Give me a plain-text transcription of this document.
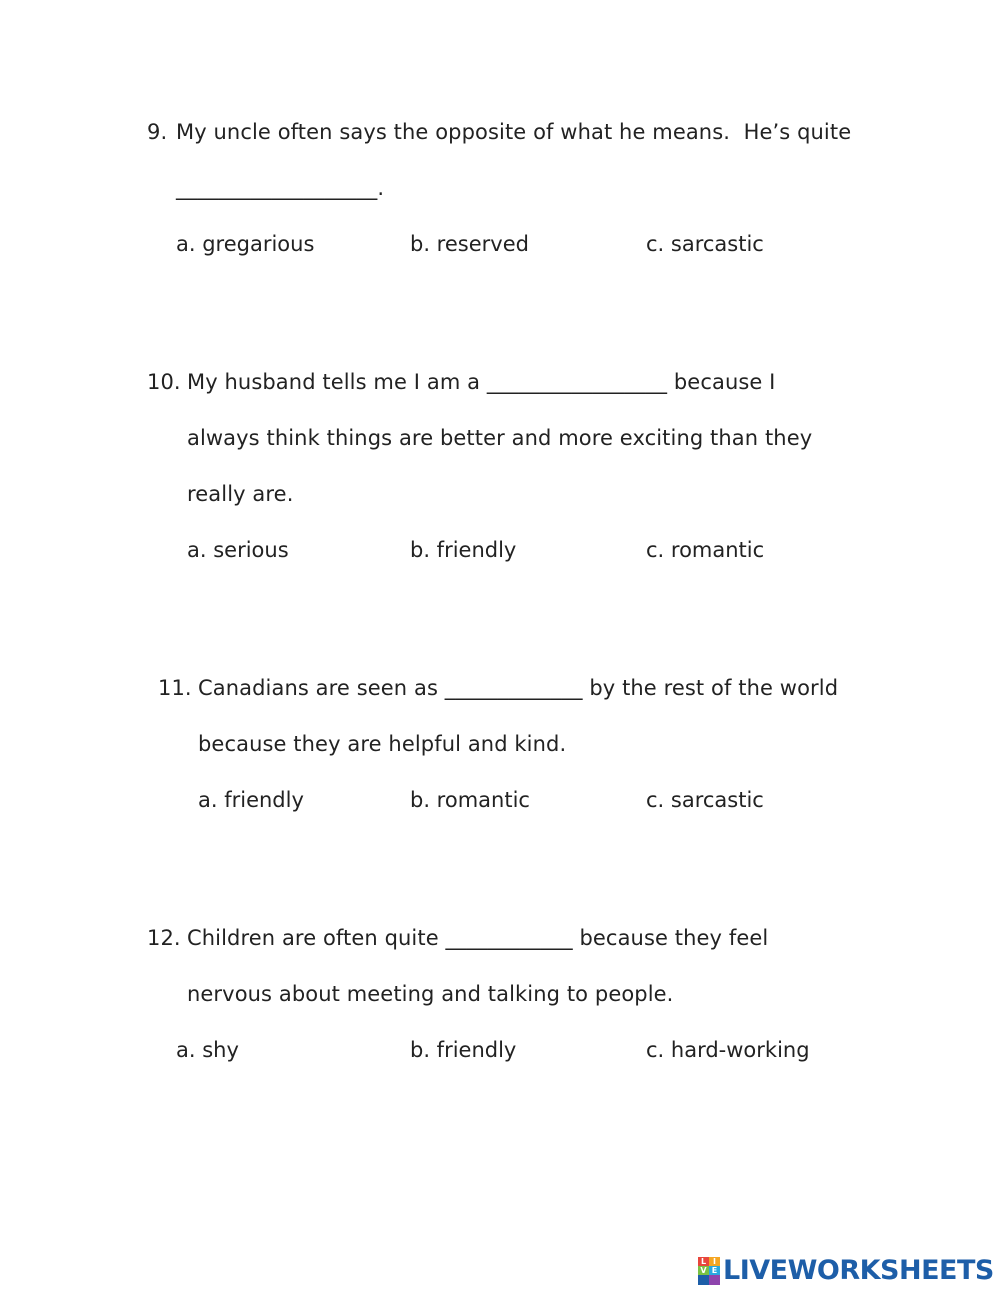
9. My uncle often says the opposite of what he means.  He’s quite
___________________.
a. gregarious	b. reserved	c. sarcastic
10. My husband tells me I am a _________________ because I
always think things are better and more exciting than they
really are.
a. serious	b. friendly	c. romantic
11. Canadians are seen as _____________ by the rest of the world
because they are helpful and kind.
a. friendly	b. romantic	c. sarcastic
12. Children are often quite ____________ because they feel
nervous about meeting and talking to people.
a. shy	b. friendly	c. hard-working
L I
V E LIVEWORKSHEETS
